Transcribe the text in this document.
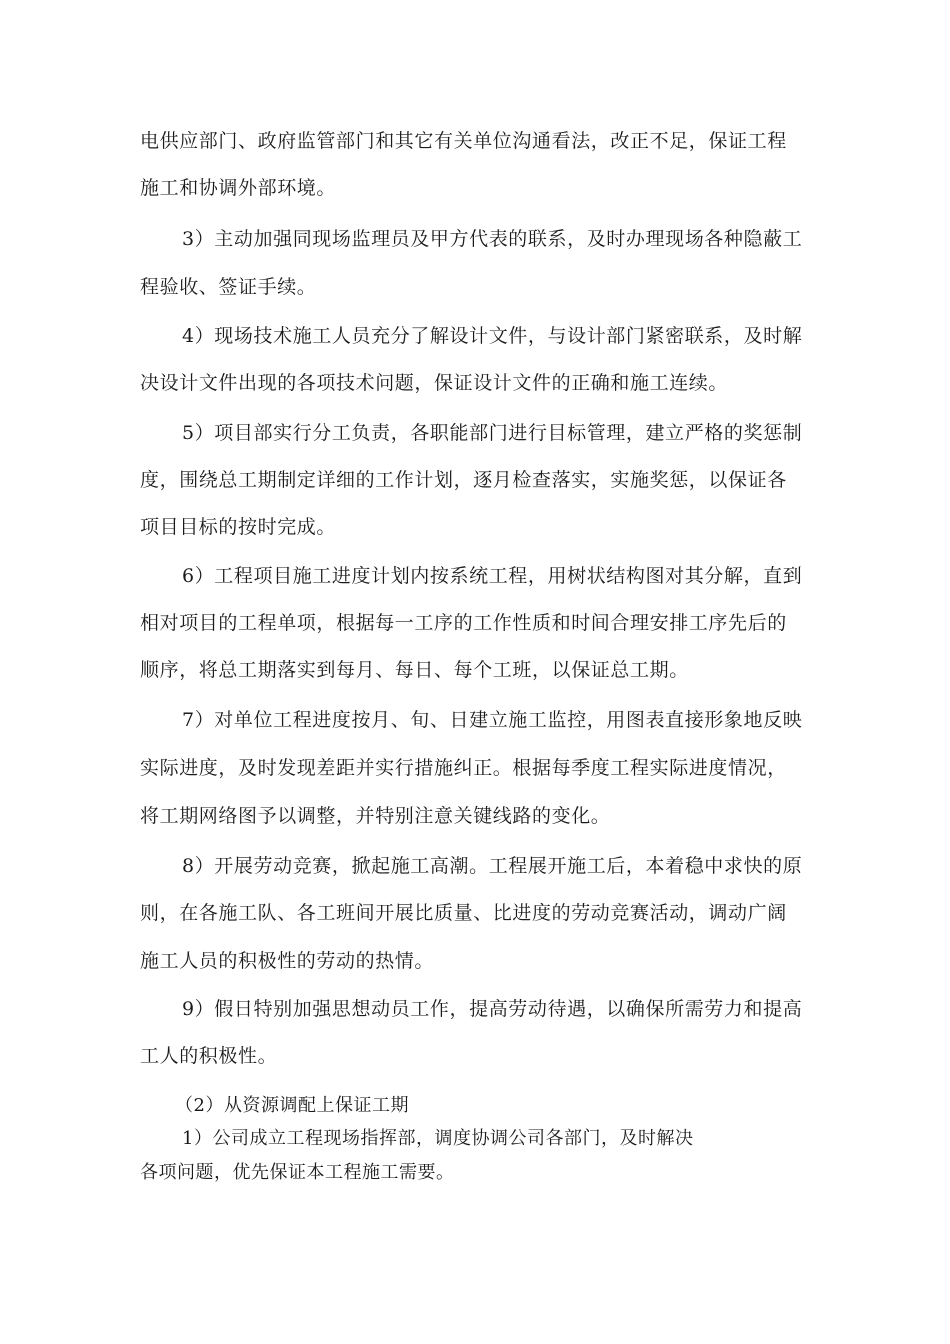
电供应部门、政府监管部门和其它有关单位沟通看法，改正不足，保证工程
施工和协调外部环境。
3）主动加强同现场监理员及甲方代表的联系，及时办理现场各种隐蔽工
程验收、签证手续。
4）现场技术施工人员充分了解设计文件，与设计部门紧密联系，及时解
决设计文件出现的各项技术问题，保证设计文件的正确和施工连续。
5）项目部实行分工负责，各职能部门进行目标管理，建立严格的奖惩制
度，围绕总工期制定详细的工作计划，逐月检查落实，实施奖惩，以保证各
项目目标的按时完成。
6）工程项目施工进度计划内按系统工程，用树状结构图对其分解，直到
相对项目的工程单项，根据每一工序的工作性质和时间合理安排工序先后的
顺序，将总工期落实到每月、每日、每个工班，以保证总工期。
7）对单位工程进度按月、旬、日建立施工监控，用图表直接形象地反映
实际进度，及时发现差距并实行措施纠正。根据每季度工程实际进度情况，
将工期网络图予以调整，并特别注意关键线路的变化。
8）开展劳动竞赛，掀起施工高潮。工程展开施工后，本着稳中求快的原
则，在各施工队、各工班间开展比质量、比进度的劳动竞赛活动，调动广阔
施工人员的积极性的劳动的热情。
9）假日特别加强思想动员工作，提高劳动待遇，以确保所需劳力和提高
工人的积极性。
（2）从资源调配上保证工期
1）公司成立工程现场指挥部，调度协调公司各部门，及时解决
各项问题，优先保证本工程施工需要。
